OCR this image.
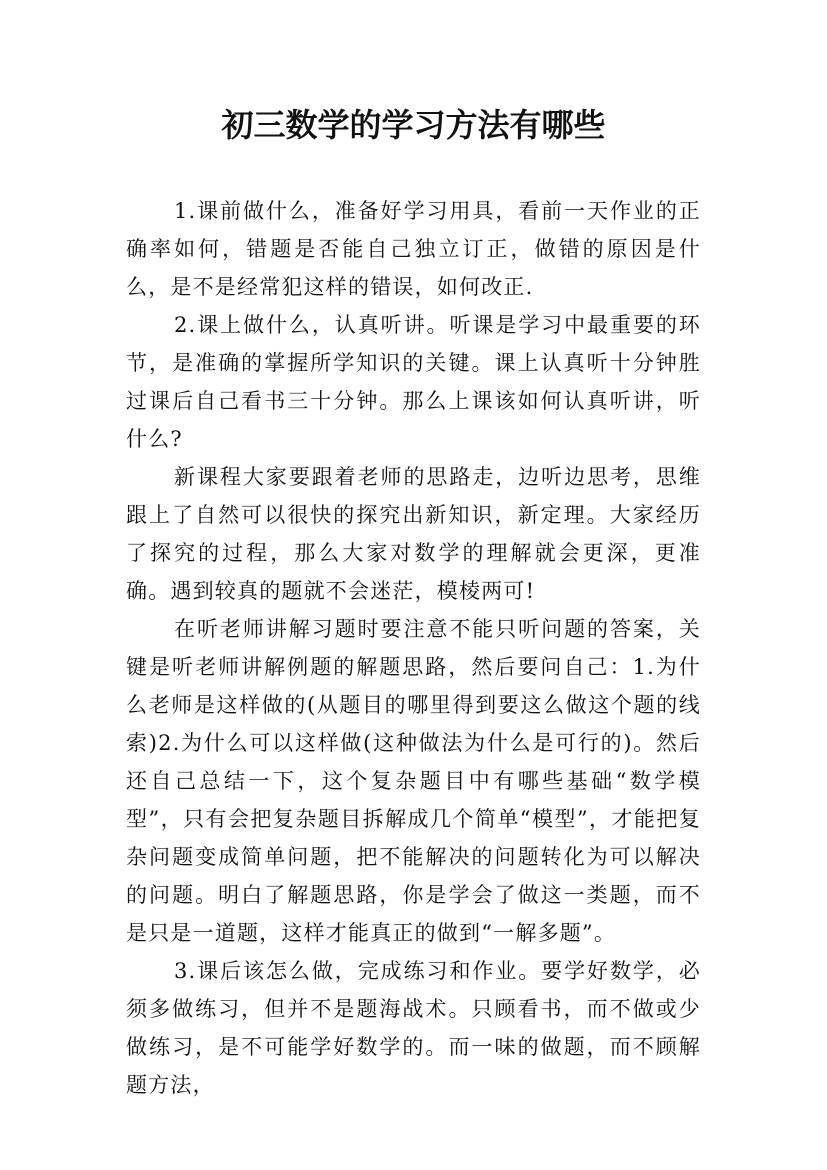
初三数学的学习方法有哪些

1.课前做什么，准备好学习用具，看前一天作业的正确率如何，错题是否能自己独立订正，做错的原因是什么，是不是经常犯这样的错误，如何改正.

2.课上做什么，认真听讲。听课是学习中最重要的环节，是准确的掌握所学知识的关键。课上认真听十分钟胜过课后自己看书三十分钟。那么上课该如何认真听讲，听什么?

新课程大家要跟着老师的思路走，边听边思考，思维跟上了自然可以很快的探究出新知识，新定理。大家经历了探究的过程，那么大家对数学的理解就会更深，更准确。遇到较真的题就不会迷茫，模棱两可!

在听老师讲解习题时要注意不能只听问题的答案，关键是听老师讲解例题的解题思路，然后要问自己：1.为什么老师是这样做的(从题目的哪里得到要这么做这个题的线索)2.为什么可以这样做(这种做法为什么是可行的)。然后还自己总结一下，这个复杂题目中有哪些基础“数学模型”，只有会把复杂题目拆解成几个简单“模型”，才能把复杂问题变成简单问题，把不能解决的问题转化为可以解决的问题。明白了解题思路，你是学会了做这一类题，而不是只是一道题，这样才能真正的做到“一解多题”。

3.课后该怎么做，完成练习和作业。要学好数学，必须多做练习，但并不是题海战术。只顾看书，而不做或少做练习，是不可能学好数学的。而一味的做题，而不顾解题方法，
